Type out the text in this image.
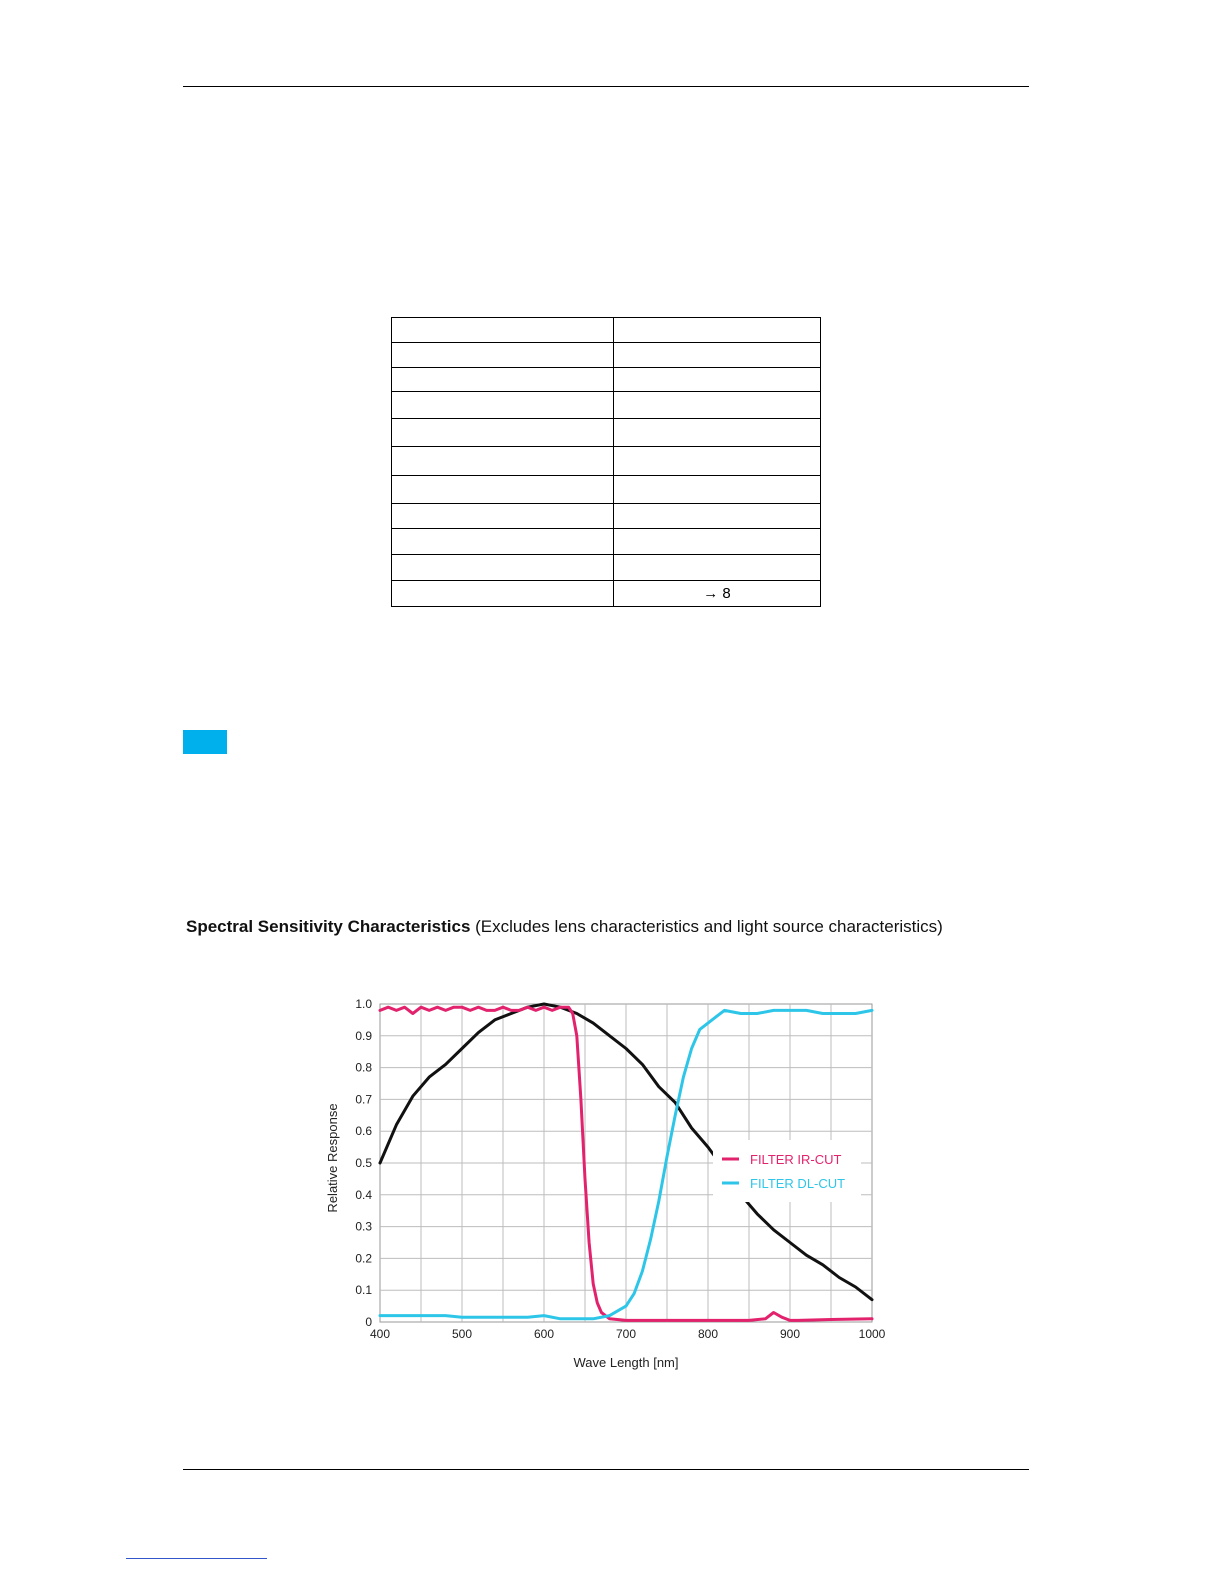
	→ 8
Spectral Sensitivity Characteristics (Excludes lens characteristics and light source characteristics)
0
0.1
0.2
0.3
0.4
0.5
0.6
0.7
0.8
0.9
1.0
400	500	600	700	800	900	1000
FILTER IR-CUT
FILTER DL-CUT
Relative Response
Wave Length [nm]
